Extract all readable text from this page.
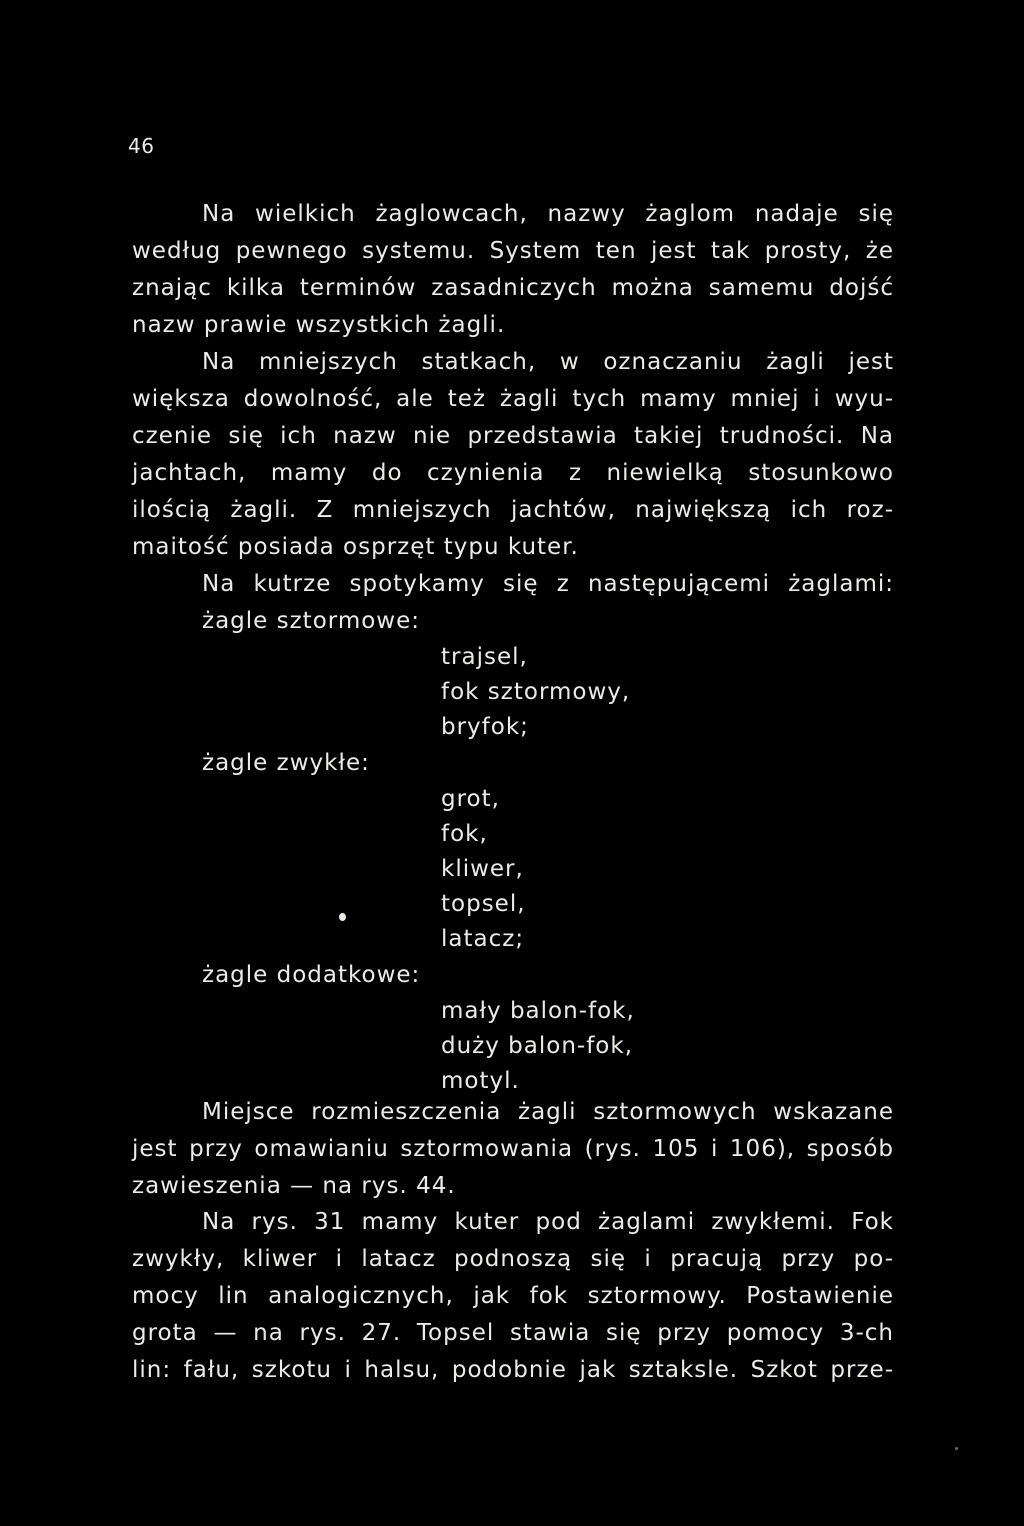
46
Na wielkich żaglowcach, nazwy żaglom nadaje się
według pewnego systemu. System ten jest tak prosty, że
znając kilka terminów zasadniczych można samemu dojść
nazw prawie wszystkich żagli.
Na mniejszych statkach, w oznaczaniu żagli jest
większa dowolność, ale też żagli tych mamy mniej i wyu-
czenie się ich nazw nie przedstawia takiej trudności. Na
jachtach, mamy do czynienia z niewielką stosunkowo
ilością żagli. Z mniejszych jachtów, największą ich roz-
maitość posiada osprzęt typu kuter.
Na kutrze spotykamy się z następującemi żaglami:
żagle sztormowe:
trajsel,
fok sztormowy,
bryfok;
żagle zwykłe:
grot,
fok,
kliwer,
topsel,
latacz;
żagle dodatkowe:
mały balon-fok,
duży balon-fok,
motyl.
Miejsce rozmieszczenia żagli sztormowych wskazane
jest przy omawianiu sztormowania (rys. 105 i 106), sposób
zawieszenia — na rys. 44.
Na rys. 31 mamy kuter pod żaglami zwykłemi. Fok
zwykły, kliwer i latacz podnoszą się i pracują przy po-
mocy lin analogicznych, jak fok sztormowy. Postawienie
grota — na rys. 27. Topsel stawia się przy pomocy 3-ch
lin: fału, szkotu i halsu, podobnie jak sztaksle. Szkot prze-
